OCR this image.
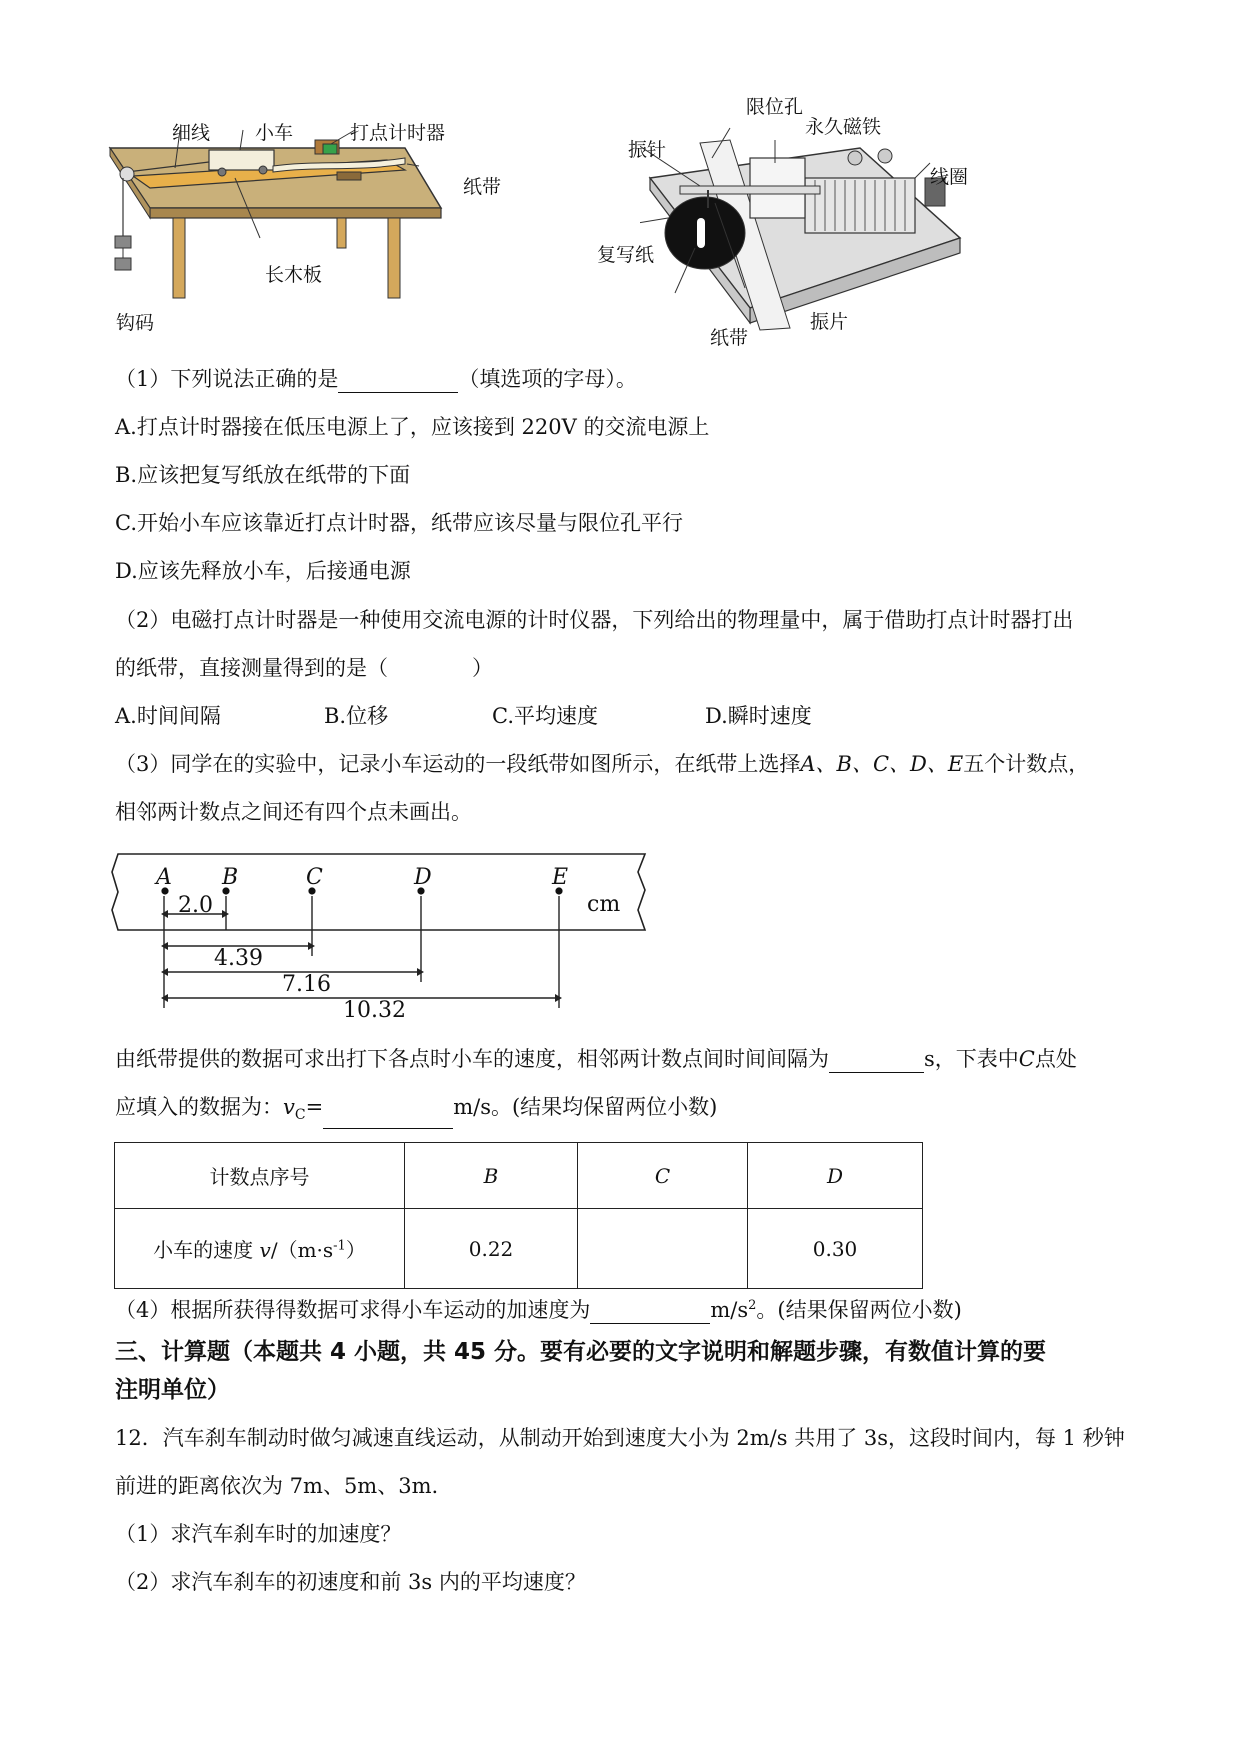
细线 小车	打点计时器
纸带
长木板
钩码
限位孔
永久磁铁
振针
线圈
复写纸
振片
纸带
（1）下列说法正确的是	（填选项的字母）。
A.打点计时器接在低压电源上了，应该接到 220V 的交流电源上
B.应该把复写纸放在纸带的下面
C.开始小车应该靠近打点计时器，纸带应该尽量与限位孔平行
D.应该先释放小车，后接通电源
（2）电磁打点计时器是一种使用交流电源的计时仪器，下列给出的物理量中，属于借助打点计时器打出
的纸带，直接测量得到的是（　　　　）
A.时间间隔	B.位移	C.平均速度	D.瞬时速度
（3）同学在的实验中，记录小车运动的一段纸带如图所示，在纸带上选择A、B、C、D、E五个计数点，
相邻两计数点之间还有四个点未画出。
A B	C	D	E
cm
2.0
4.39
7.16
10.32
由纸带提供的数据可求出打下各点时小车的速度，相邻两计数点间时间间隔为	s，下表中C点处
应填入的数据为：$v_C=$	m/s。(结果均保留两位小数)
计数点序号	B	C	D
小车的速度 $v/(m\cdot s^{-1})$	0.22		0.30
（4）根据所获得得数据可求得小车运动的加速度为	$m/s^2$。(结果保留两位小数)
三、计算题（本题共 4 小题，共 45 分。要有必要的文字说明和解题步骤，有数值计算的要
注明单位）
12．汽车刹车制动时做匀减速直线运动，从制动开始到速度大小为 2m/s 共用了 3s，这段时间内，每 1 秒钟
前进的距离依次为 7m、5m、3m.
（1）求汽车刹车时的加速度？
（2）求汽车刹车的初速度和前 3s 内的平均速度？
